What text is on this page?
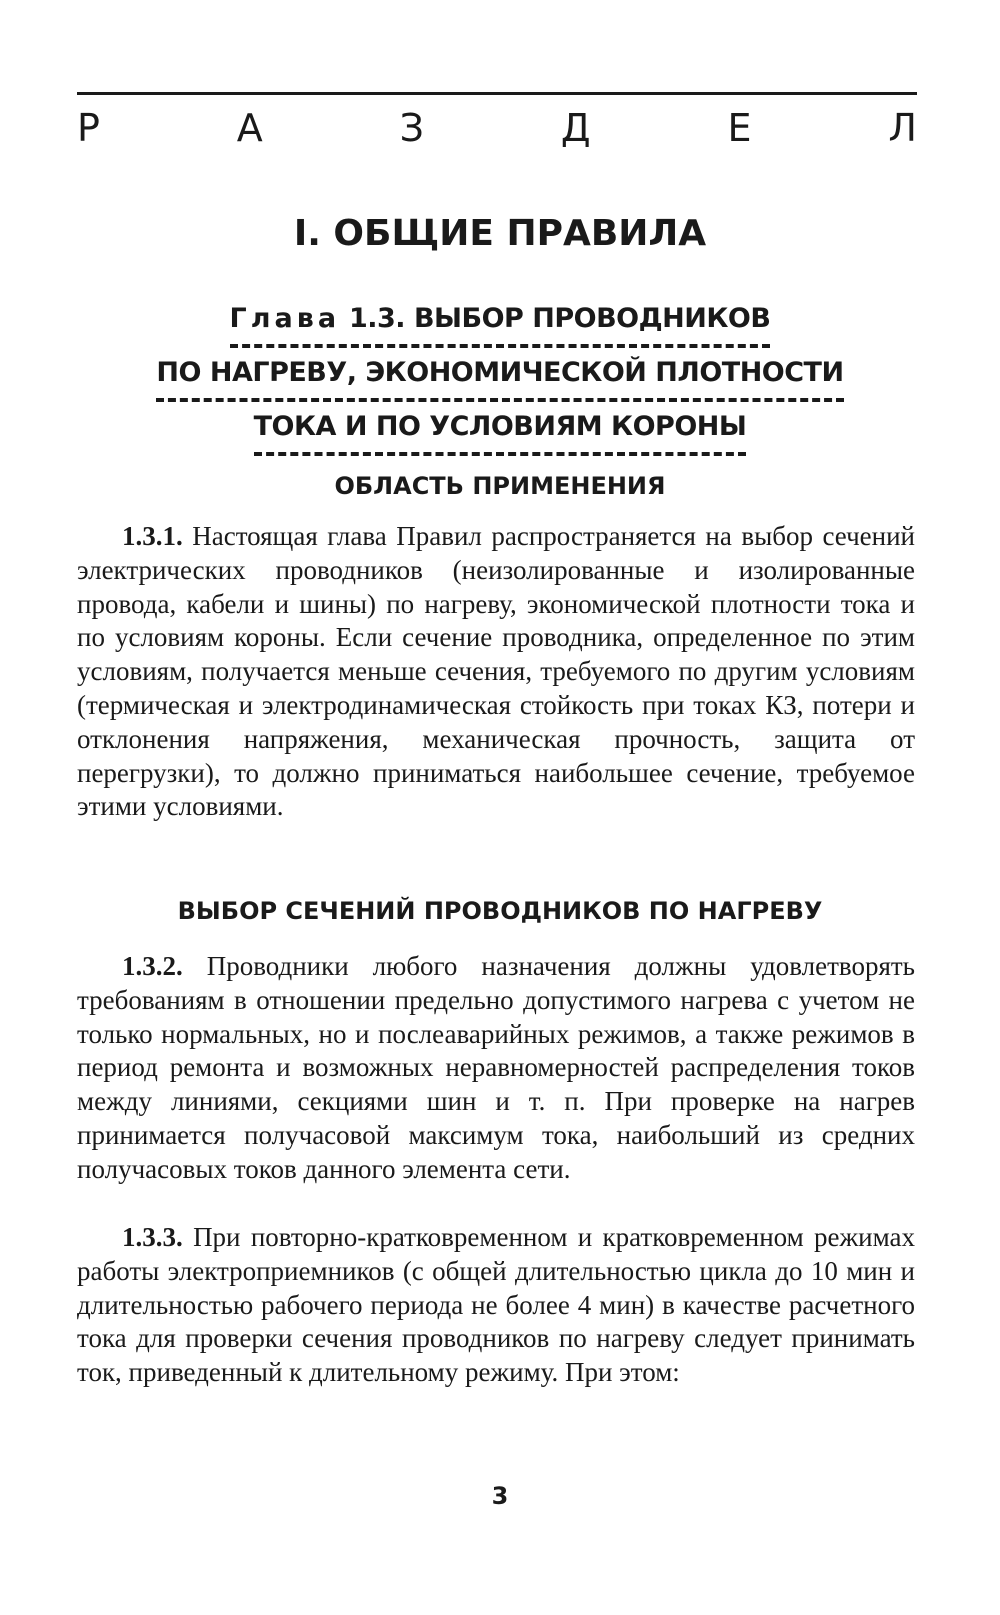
Р	А	З	Д	Е	Л
I. ОБЩИЕ ПРАВИЛА
Глава 1.3. ВЫБОР ПРОВОДНИКОВ
ПО НАГРЕВУ, ЭКОНОМИЧЕСКОЙ ПЛОТНОСТИ
ТОКА И ПО УСЛОВИЯМ КОРОНЫ
ОБЛАСТЬ ПРИМЕНЕНИЯ
1.3.1. Настоящая глава Правил распространяется на выбор сечений электрических проводников (неизолированные и изолированные провода, кабели и шины) по нагреву, экономической плотности тока и по условиям короны. Если сечение проводника, определенное по этим условиям, получается меньше сечения, требуемого по другим условиям (термическая и электродинамическая стойкость при токах КЗ, потери и отклонения напряжения, механическая прочность, защита от перегрузки), то должно приниматься наибольшее сечение, требуемое этими условиями.
ВЫБОР СЕЧЕНИЙ ПРОВОДНИКОВ ПО НАГРЕВУ
1.3.2. Проводники любого назначения должны удовлетворять требованиям в отношении предельно допустимого нагрева с учетом не только нормальных, но и послеаварийных режимов, а также режимов в период ремонта и возможных неравномерностей распределения токов между линиями, секциями шин и т. п. При проверке на нагрев принимается получасовой максимум тока, наибольший из средних получасовых токов данного элемента сети.
1.3.3. При повторно-кратковременном и кратковременном режимах работы электроприемников (с общей длительностью цикла до 10 мин и длительностью рабочего периода не более 4 мин) в качестве расчетного тока для проверки сечения проводников по нагреву следует принимать ток, приведенный к длительному режиму. При этом:
3
